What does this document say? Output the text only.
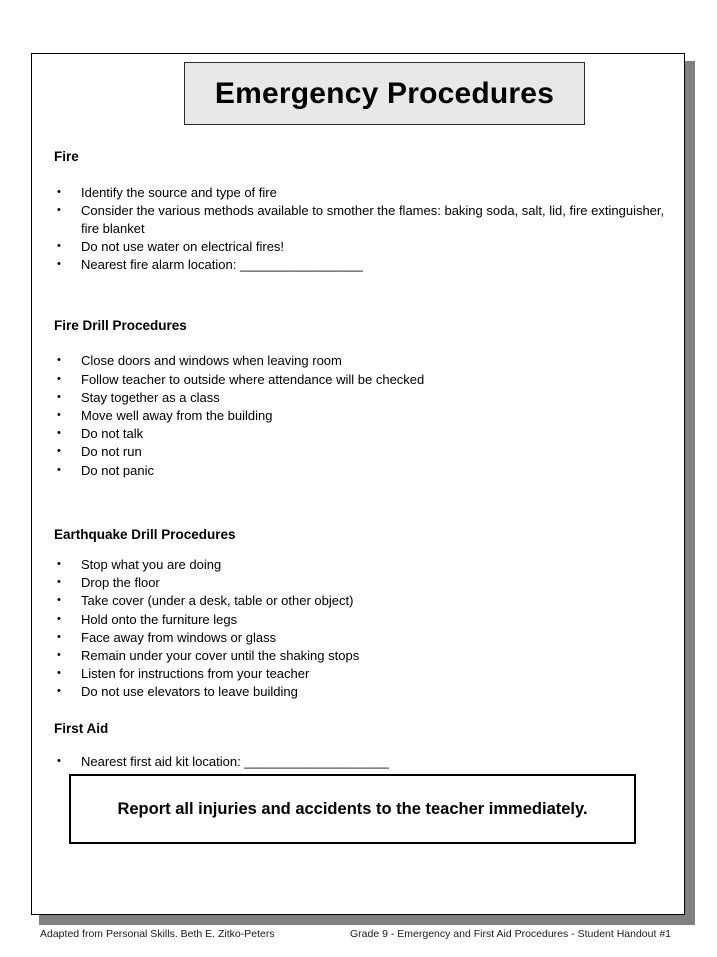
Emergency Procedures
Fire
• Identify the source and type of fire
• Consider the various methods available to smother the flames: baking soda, salt, lid, fire extinguisher, fire blanket
• Do not use water on electrical fires!
• Nearest fire alarm location: _________________
Fire Drill Procedures
• Close doors and windows when leaving room
• Follow teacher to outside where attendance will be checked
• Stay together as a class
• Move well away from the building
• Do not talk
• Do not run
• Do not panic
Earthquake Drill Procedures
• Stop what you are doing
• Drop the floor
• Take cover (under a desk, table or other object)
• Hold onto the furniture legs
• Face away from windows or glass
• Remain under your cover until the shaking stops
• Listen for instructions from your teacher
• Do not use elevators to leave building
First Aid
• Nearest first aid kit location: ____________________
Report all injuries and accidents to the teacher immediately.
Adapted from Personal Skills. Beth E. Zitko-Peters	Grade 9 - Emergency and First Aid Procedures - Student Handout #1
